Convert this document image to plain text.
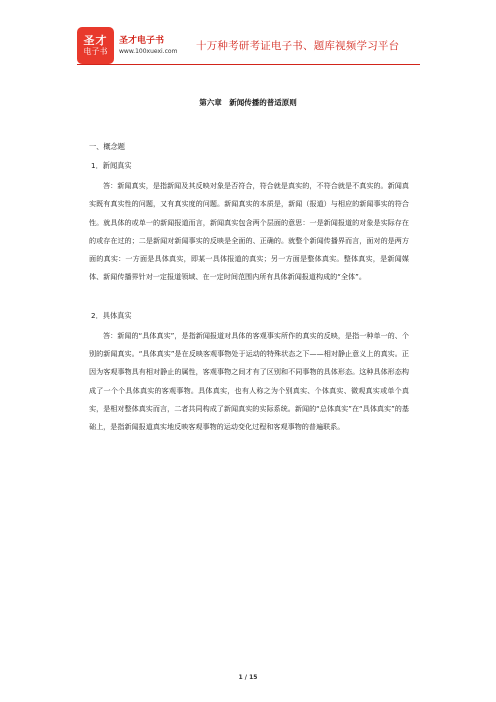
圣才
电子书
圣才电子书
www.100xuexi.com 十万种考研考证电子书、题库视频学习平台
第六章　新闻传播的普适原则
一、概念题
1．新闻真实

答：新闻真实，是指新闻及其反映对象是否符合，符合就是真实的，不符合就是不真实的。新闻真实既有真实性的问题，又有真实度的问题。新闻真实的本质是，新闻（报道）与相应的新闻事实的符合性。就具体的或单一的新闻报道而言，新闻真实包含两个层面的意思：一是新闻报道的对象是实际存在的或存在过的；二是新闻对新闻事实的反映是全面的、正确的。就整个新闻传播界而言，面对的是两方面的真实：一方面是具体真实，即某一具体报道的真实；另一方面是整体真实。整体真实，是新闻媒体、新闻传播界针对一定报道领域、在一定时间范围内所有具体新闻报道构成的“全体”。

2．具体真实

答：新闻的“具体真实”，是指新闻报道对具体的客观事实所作的真实的反映，是指一种单一的、个别的新闻真实。“具体真实”是在反映客观事物处于运动的特殊状态之下——相对静止意义上的真实。正因为客观事物具有相对静止的属性，客观事物之间才有了区别和不同事物的具体形态。这种具体形态构成了一个个具体真实的客观事物。具体真实，也有人称之为个别真实、个体真实、微观真实或单个真实，是相对整体真实而言，二者共同构成了新闻真实的实际系统。新闻的“总体真实”在“具体真实”的基础上，是指新闻报道真实地反映客观事物的运动变化过程和客观事物的普遍联系。

1 / 15
